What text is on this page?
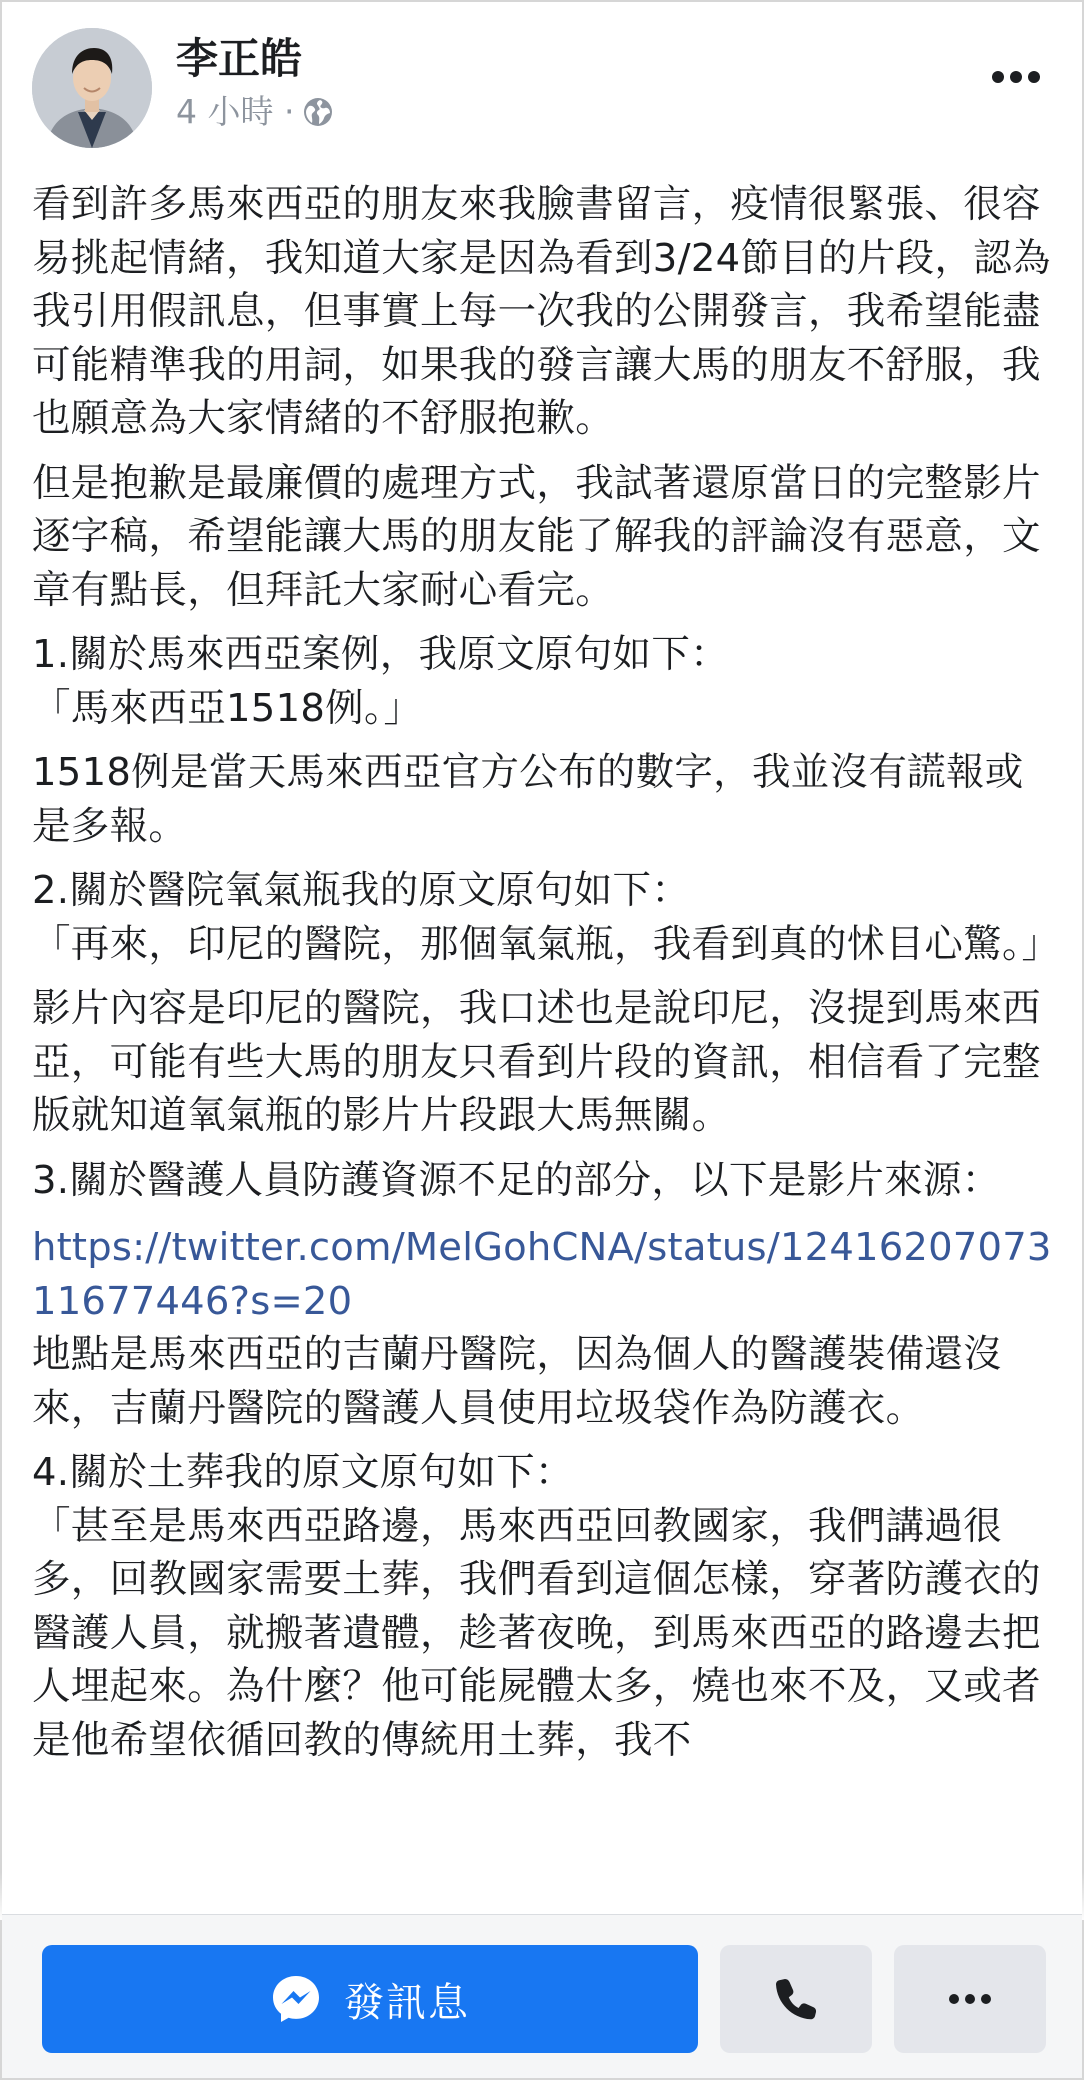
李正皓
4 小時 ·

看到許多馬來西亞的朋友來我臉書留言，疫情很緊張、很容易挑起情緒，我知道大家是因為看到3/24節目的片段，認為我引用假訊息，但事實上每一次我的公開發言，我希望能盡可能精準我的用詞，如果我的發言讓大馬的朋友不舒服，我也願意為大家情緒的不舒服抱歉。

但是抱歉是最廉價的處理方式，我試著還原當日的完整影片逐字稿，希望能讓大馬的朋友能了解我的評論沒有惡意，文章有點長，但拜託大家耐心看完。

1.關於馬來西亞案例，我原文原句如下：
「馬來西亞1518例。」

1518例是當天馬來西亞官方公布的數字，我並沒有謊報或是多報。

2.關於醫院氧氣瓶我的原文原句如下：
「再來，印尼的醫院，那個氧氣瓶，我看到真的怵目心驚。」

影片內容是印尼的醫院，我口述也是說印尼，沒提到馬來西亞，可能有些大馬的朋友只看到片段的資訊，相信看了完整版就知道氧氣瓶的影片片段跟大馬無關。

3.關於醫護人員防護資源不足的部分，以下是影片來源：

https://twitter.com/MelGohCNA/status/1241620707311677446?s=20

地點是馬來西亞的吉蘭丹醫院，因為個人的醫護裝備還沒來，吉蘭丹醫院的醫護人員使用垃圾袋作為防護衣。

4.關於土葬我的原文原句如下：
「甚至是馬來西亞路邊，馬來西亞回教國家，我們講過很多，回教國家需要土葬，我們看到這個怎樣，穿著防護衣的醫護人員，就搬著遺體，趁著夜晚，到馬來西亞的路邊去把人埋起來。為什麼？他可能屍體太多，燒也來不及，又或者是他希望依循回教的傳統用土葬，我不

發訊息
